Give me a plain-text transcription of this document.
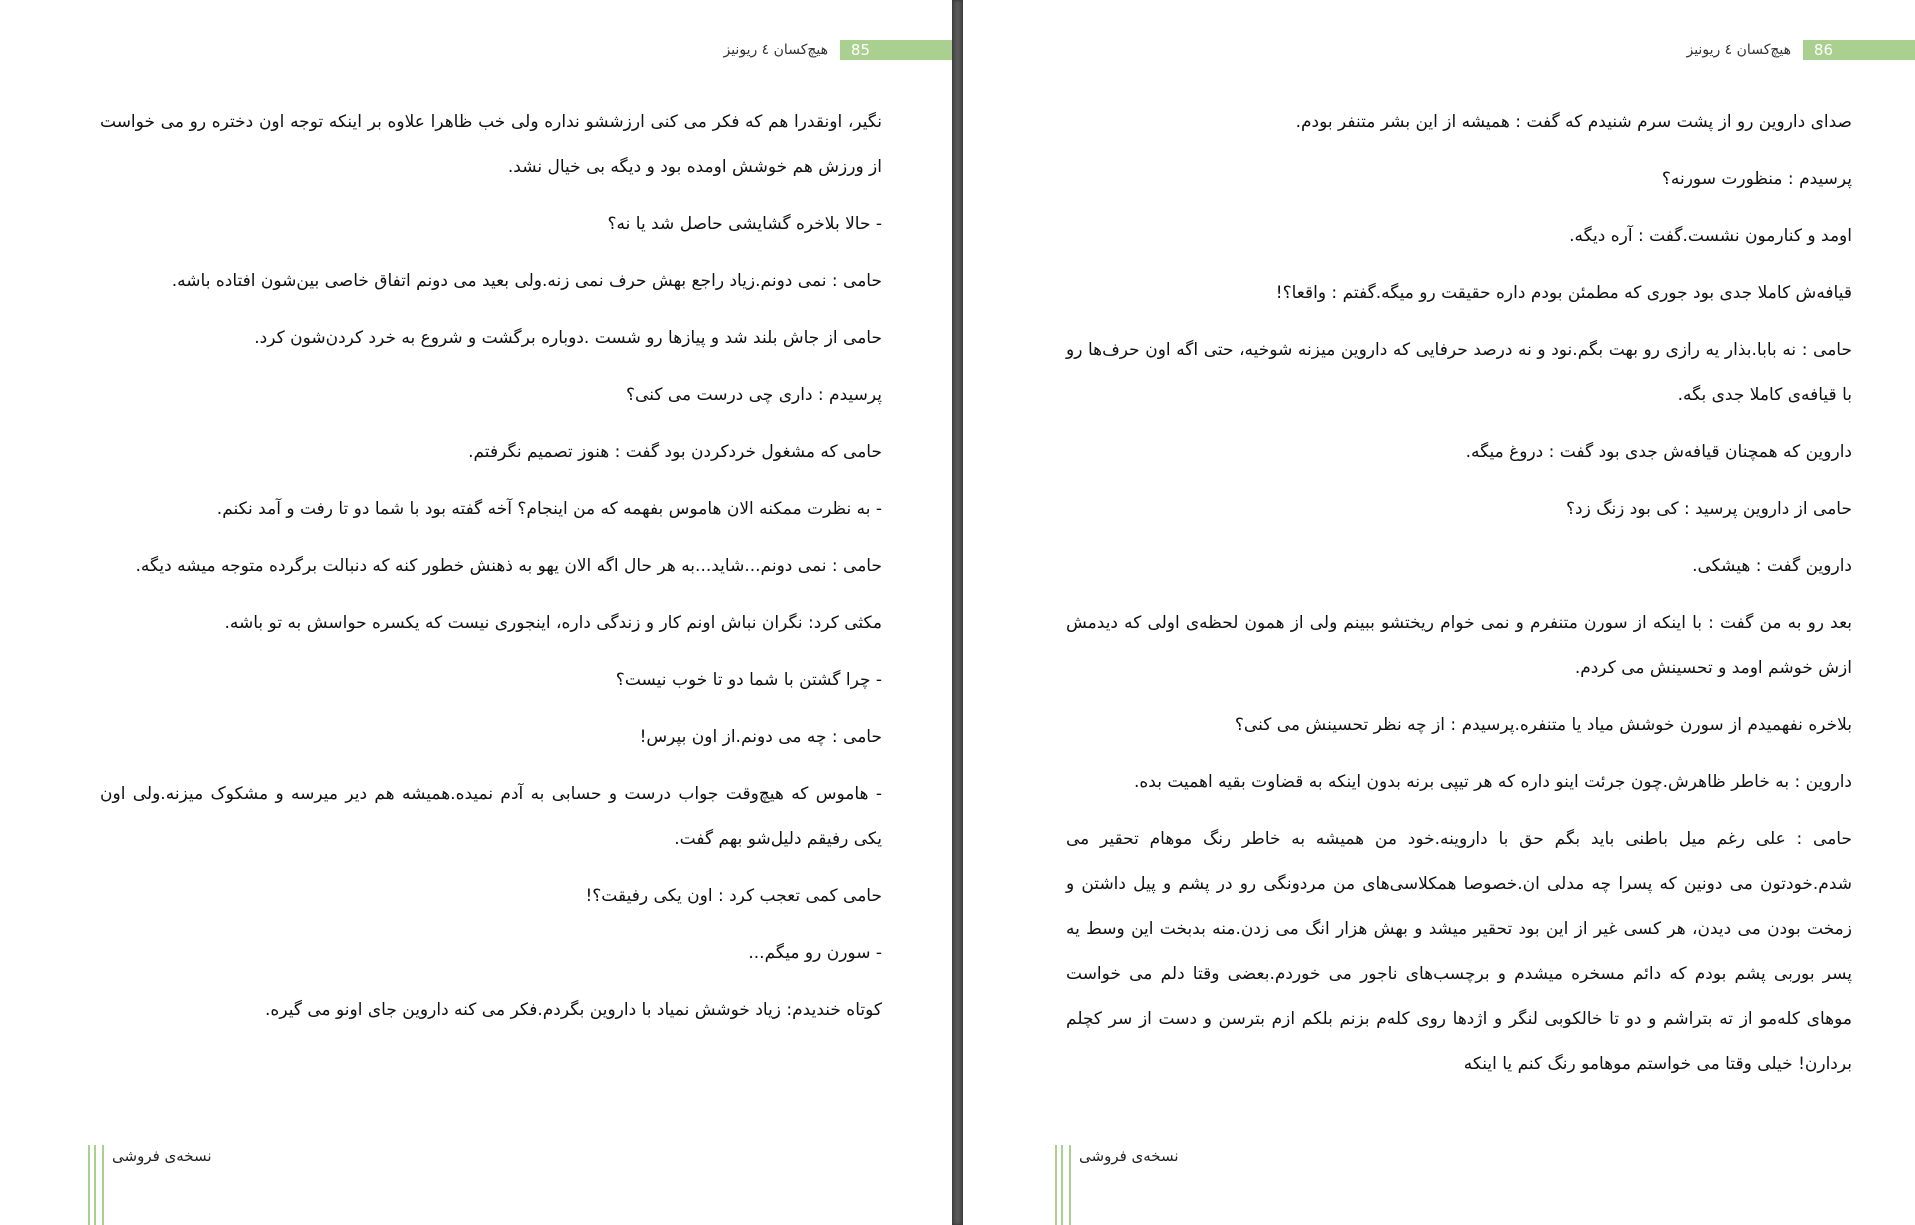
85
هیچ‌کسان ٤ ریونیز

نگیر، اونقدرا هم که فکر می کنی ارزششو نداره ولی خب ظاهرا علاوه بر اینکه توجه اون دختره رو می خواست از ورزش هم خوشش اومده بود و دیگه بی خیال نشد.

- حالا بلاخره گشایشی حاصل شد یا نه؟

حامی : نمی دونم.زیاد راجع بهش حرف نمی زنه.ولی بعید می دونم اتفاق خاصی بین‌شون افتاده باشه.

حامی از جاش بلند شد و پیازها رو شست .دوباره برگشت و شروع به خرد کردن‌شون کرد.

پرسیدم : داری چی درست می کنی؟

حامی که مشغول خردکردن بود گفت : هنوز تصمیم نگرفتم.

- به نظرت ممکنه الان هاموس بفهمه که من اینجام؟ آخه گفته بود با شما دو تا رفت و آمد نکنم.

حامی : نمی دونم...شاید...به هر حال اگه الان یهو به ذهنش خطور کنه که دنبالت برگرده متوجه میشه دیگه.

مکثی کرد: نگران نباش اونم کار و زندگی داره، اینجوری نیست که یکسره حواسش به تو باشه.

- چرا گشتن با شما دو تا خوب نیست؟

حامی : چه می دونم.از اون بپرس!

- هاموس که هیچ‌وقت جواب درست و حسابی به آدم نمیده.همیشه هم دیر میرسه و مشکوک میزنه.ولی اون یکی رفیقم دلیل‌شو بهم گفت.

حامی کمی تعجب کرد : اون یکی رفیقت؟!

- سورن رو میگم...

کوتاه خندیدم: زیاد خوشش نمیاد با داروین بگردم.فکر می کنه داروین جای اونو می گیره.

نسخه‌ی فروشی
86
هیچ‌کسان ٤ ریونیز

صدای داروین رو از پشت سرم شنیدم که گفت : همیشه از این بشر متنفر بودم.

پرسیدم : منظورت سورنه؟

اومد و کنارمون نشست.گفت : آره دیگه.

قیافه‌ش کاملا جدی بود جوری که مطمئن بودم داره حقیقت رو میگه.گفتم : واقعا؟!

حامی : نه بابا.بذار یه رازی رو بهت بگم.نود و نه درصد حرفایی که داروین میزنه شوخیه، حتی اگه اون حرف‌ها رو با قیافه‌ی کاملا جدی بگه.

داروین که همچنان قیافه‌ش جدی بود گفت : دروغ میگه.

حامی از داروین پرسید : کی بود زنگ زد؟

داروین گفت : هیشکی.

بعد رو به من گفت : با اینکه از سورن متنفرم و نمی خوام ریختشو ببینم ولی از همون لحظه‌ی اولی که دیدمش ازش خوشم اومد و تحسینش می کردم.

بلاخره نفهمیدم از سورن خوشش میاد یا متنفره.پرسیدم : از چه نظر تحسینش می کنی؟

داروین : به خاطر ظاهرش.چون جرئت اینو داره که هر تیپی برنه بدون اینکه به قضاوت بقیه اهمیت بده.

حامی : علی رغم میل باطنی باید بگم حق با داروینه.خود من همیشه به خاطر رنگ موهام تحقیر می شدم.خودتون می دونین که پسرا چه مدلی ان.خصوصا همکلاسی‌های من مردونگی رو در پشم و پیل داشتن و زمخت بودن می دیدن، هر کسی غیر از این بود تحقیر میشد و بهش هزار انگ می زدن.منه بدبخت این وسط یه پسر بوربی پشم بودم که دائم مسخره میشدم و برچسب‌های ناجور می خوردم.بعضی وقتا دلم می خواست موهای کله‌مو از ته بتراشم و دو تا خالکوبی لنگر و اژدها روی کله‌م بزنم بلکم ازم بترسن و دست از سر کچلم بردارن! خیلی وقتا می خواستم موهامو رنگ کنم یا اینکه

نسخه‌ی فروشی
